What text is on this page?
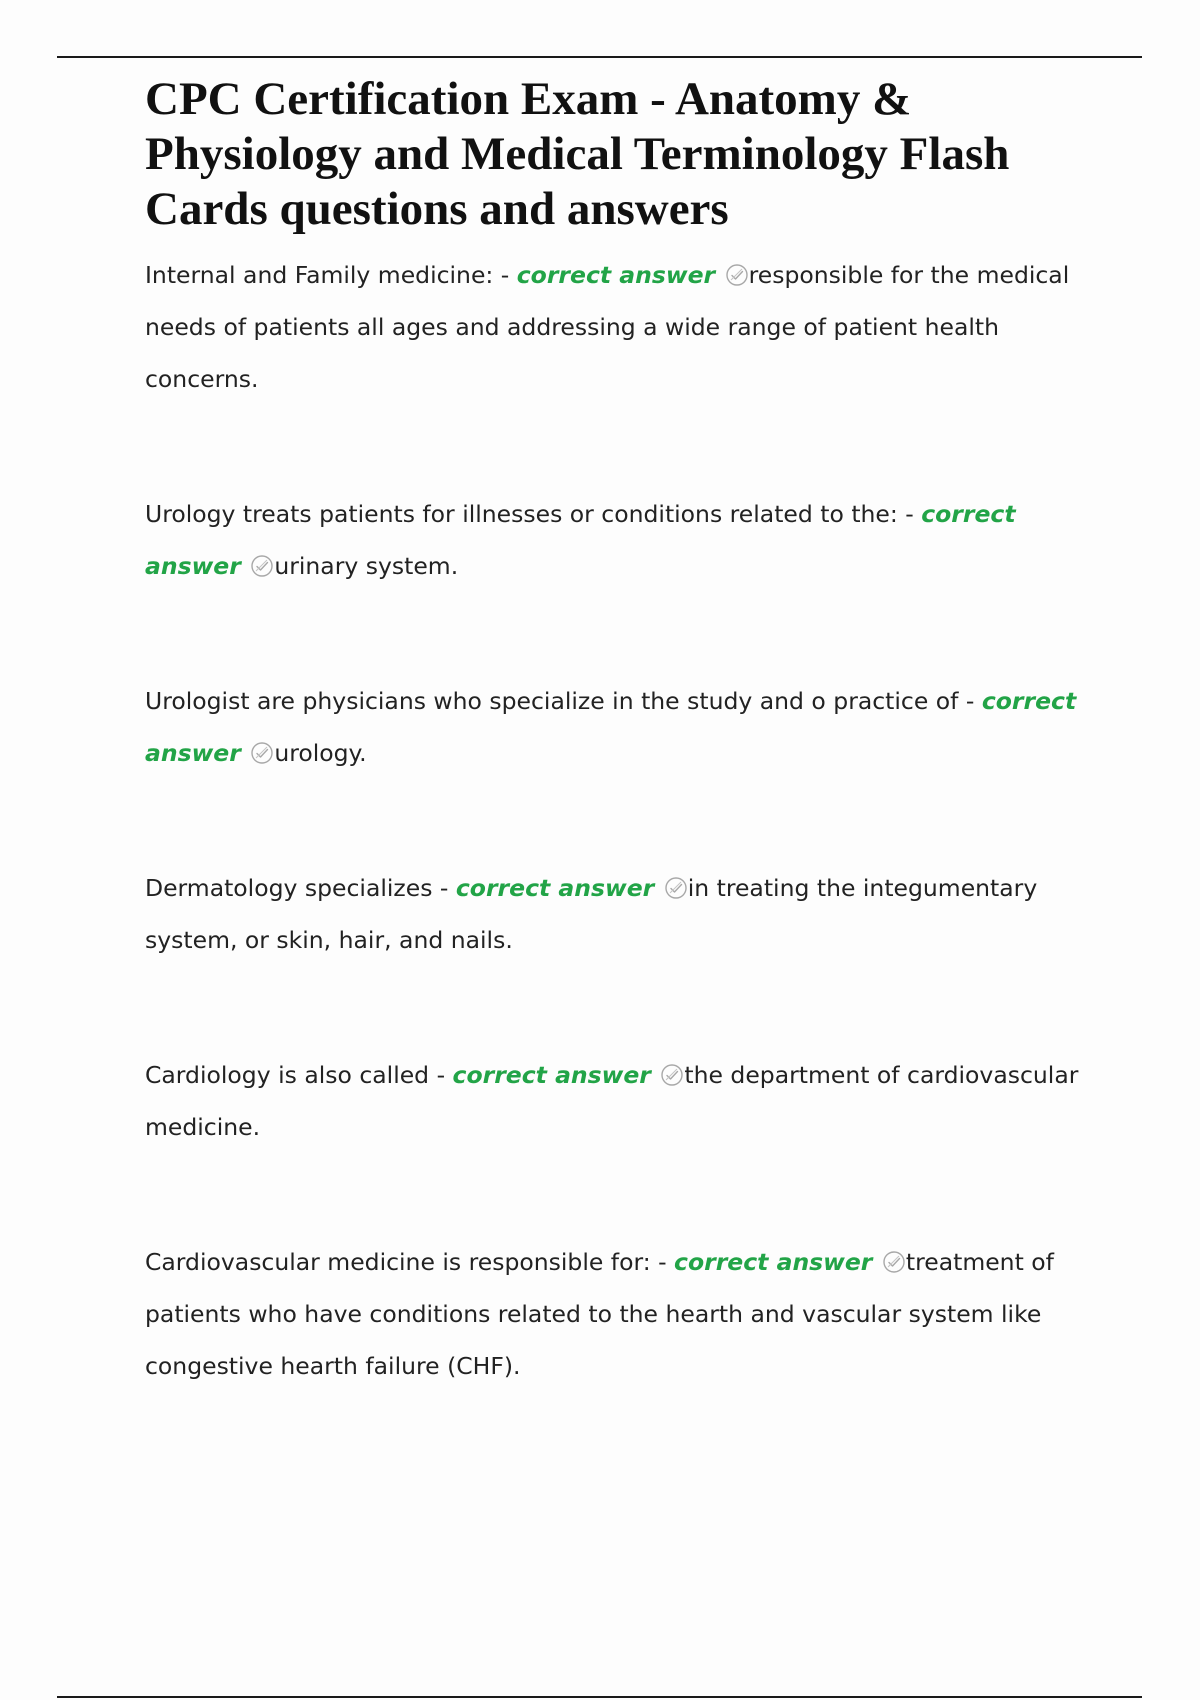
CPC Certification Exam - Anatomy & Physiology and Medical Terminology Flash Cards questions and answers

Internal and Family medicine: - correct answer responsible for the medical needs of patients all ages and addressing a wide range of patient health concerns.

Urology treats patients for illnesses or conditions related to the: - correct answer urinary system.

Urologist are physicians who specialize in the study and o practice of - correct answer urology.

Dermatology specializes - correct answer in treating the integumentary system, or skin, hair, and nails.

Cardiology is also called - correct answer the department of cardiovascular medicine.

Cardiovascular medicine is responsible for: - correct answer treatment of patients who have conditions related to the hearth and vascular system like congestive hearth failure (CHF).
